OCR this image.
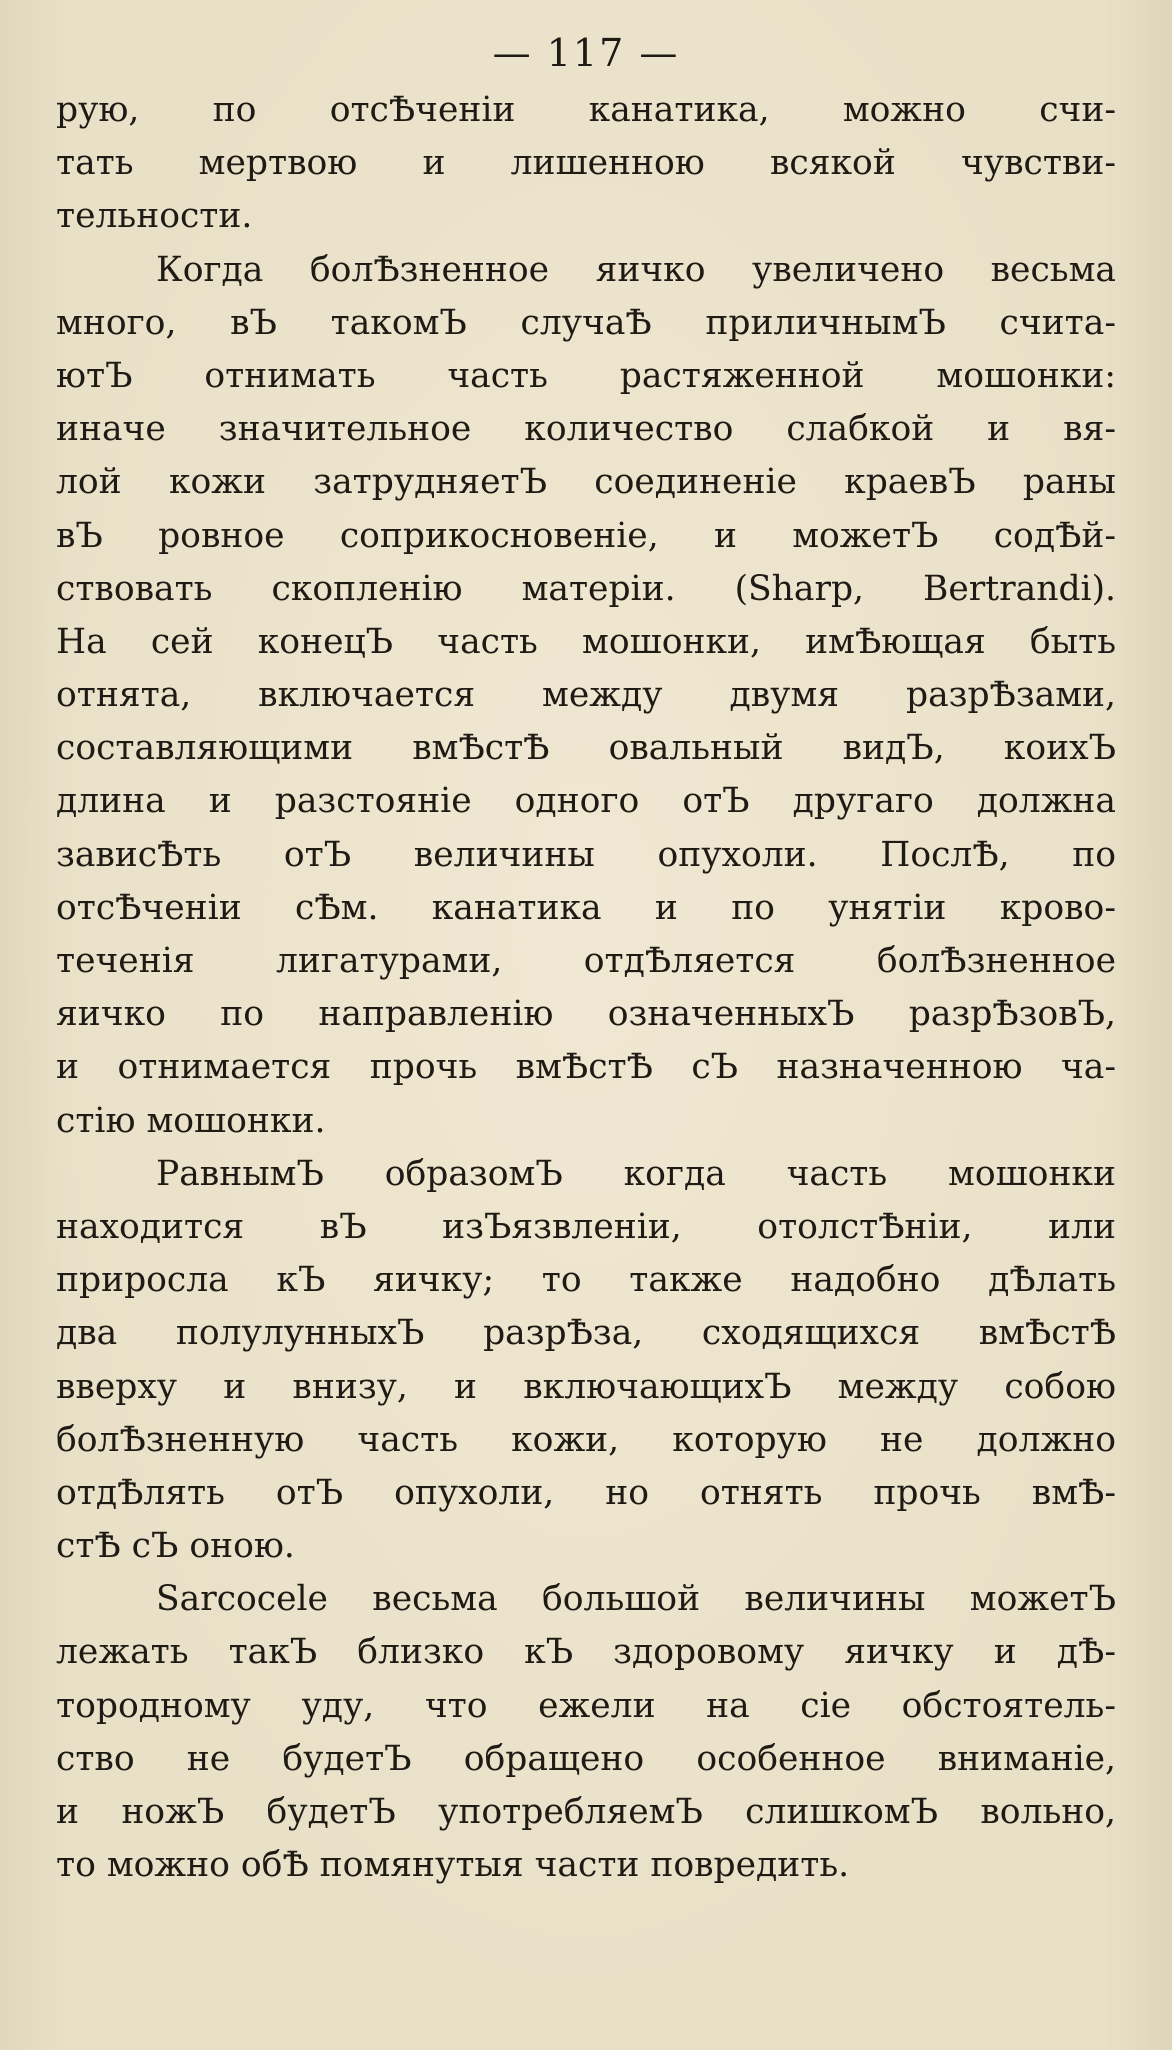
— 117 —
рую, по отсѢченіи канатика, можно счи-
тать мертвою и лишенною всякой чувстви-
тельности.
Когда болѢзненное яичко увеличено весьма
много, вЪ такомЪ случаѢ приличнымЪ счита-
ютЪ отнимать часть растяженной мошонки:
иначе значительное количество слабкой и вя-
лой кожи затрудняетЪ соединеніе краевЪ раны
вЪ ровное соприкосновеніе, и можетЪ содѢй-
ствовать скопленію матеріи. (Sharp, Bertrandi).
На сей конецЪ часть мошонки, имѢющая быть
отнята, включается между двумя разрѢзами,
составляющими вмѢстѢ овальный видЪ, коихЪ
длина и разстояніе одного отЪ другаго должна
зависѢть отЪ величины опухоли. ПослѢ, по
отсѢченіи сѢм. канатика и по унятіи крово-
теченія лигатурами, отдѢляется болѢзненное
яичко по направленію означенныхЪ разрѢзовЪ,
и отнимается прочь вмѢстѢ сЪ назначенною ча-
стію мошонки.
РавнымЪ образомЪ когда часть мошонки
находится вЪ изЪязвленіи, отолстѢніи, или
приросла кЪ яичку; то также надобно дѢлать
два полулунныхЪ разрѢза, сходящихся вмѢстѢ
вверху и внизу, и включающихЪ между собою
болѢзненную часть кожи, которую не должно
отдѢлять отЪ опухоли, но отнять прочь вмѢ-
стѢ сЪ оною.
Sarcocele весьма большой величины можетЪ
лежать такЪ близко кЪ здоровому яичку и дѢ-
тородному уду, что ежели на сіе обстоятель-
ство не будетЪ обращено особенное вниманіе,
и ножЪ будетЪ употребляемЪ слишкомЪ вольно,
то можно обѢ помянутыя части повредить.
